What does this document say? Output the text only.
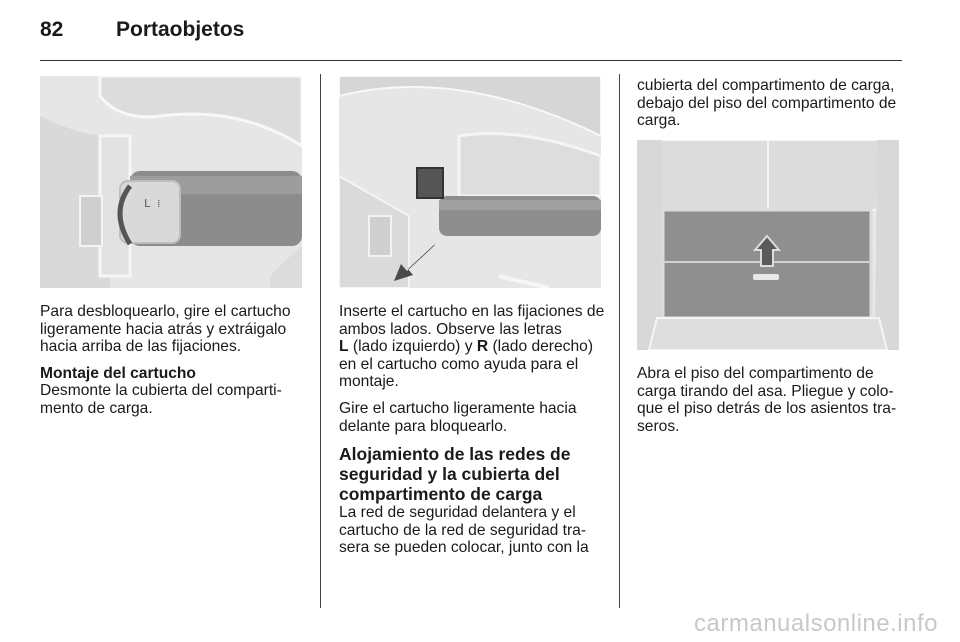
82	Portaobjetos
L ⁞

Para desbloquearlo, gire el cartucho ligeramente hacia atrás y extráigalo hacia arriba de las fijaciones.

Montaje del cartucho

Desmonte la cubierta del comparti-mento de carga.

Inserte el cartucho en las fijaciones de ambos lados. Observe las letras
L (lado izquierdo) y R (lado derecho) en el cartucho como ayuda para el montaje.

Gire el cartucho ligeramente hacia delante para bloquearlo.

Alojamiento de las redes de seguridad y la cubierta del compartimento de carga

La red de seguridad delantera y el cartucho de la red de seguridad tra-sera se pueden colocar, junto con la

cubierta del compartimento de carga, debajo del piso del compartimento de carga.

Abra el piso del compartimento de carga tirando del asa. Pliegue y colo-que el piso detrás de los asientos tra-seros.

carmanualsonline.info
